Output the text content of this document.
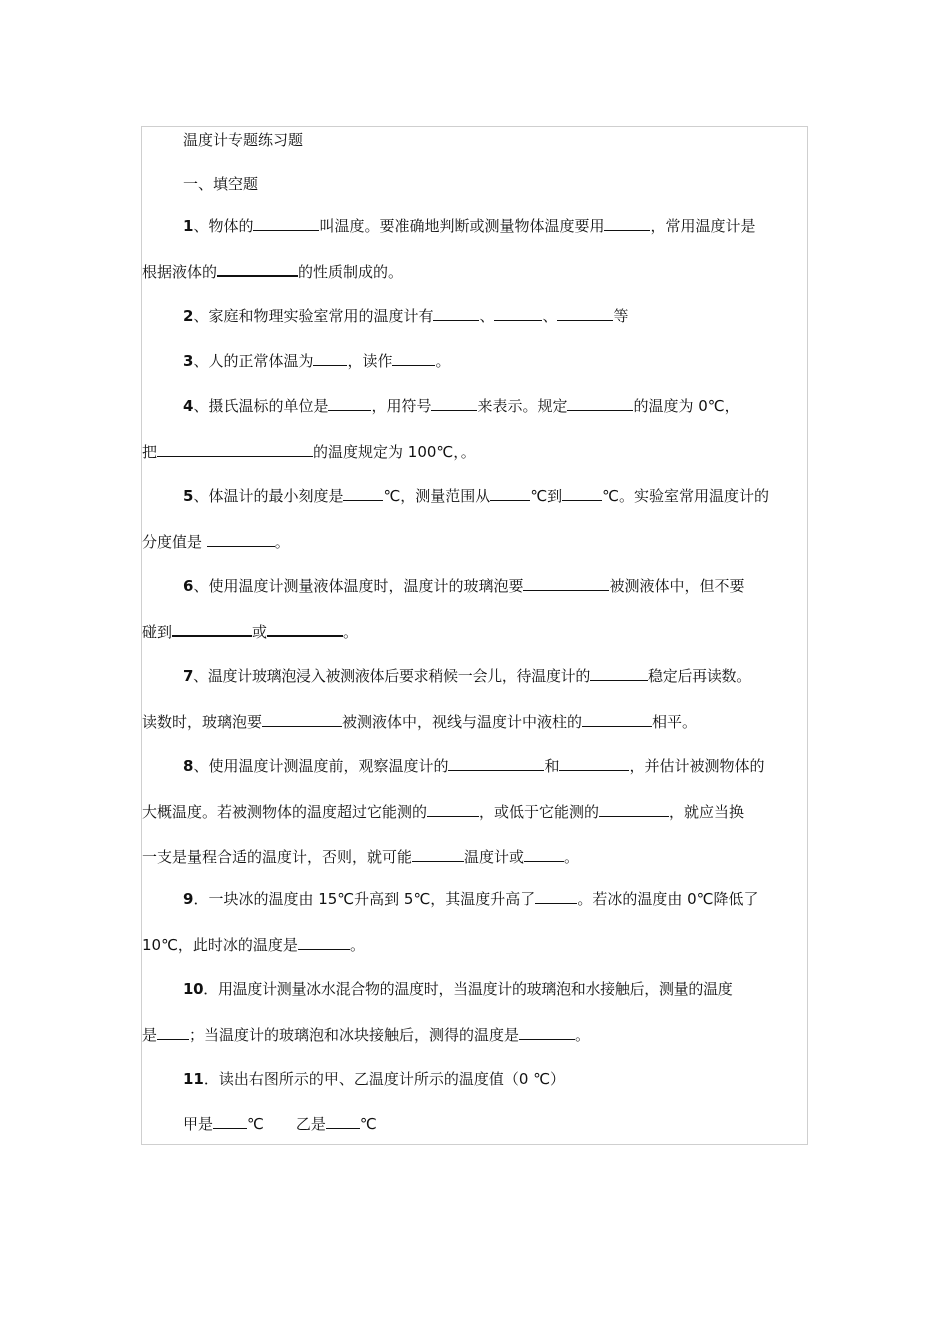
温度计专题练习题
一、填空题
1、物体的	叫温度。要准确地判断或测量物体温度要用	，常用温度计是
根据液体的	的性质制成的。
2、家庭和物理实验室常用的温度计有	、	、	等
3、人的正常体温为 ，读作	。
4、摄氏温标的单位是	，用符号	来表示。规定	的温度为 0℃，
把	的温度规定为 100℃，。
5、体温计的最小刻度是	℃，测量范围从	℃到	℃。实验室常用温度计的
分度值是	。
6、使用温度计测量液体温度时，温度计的玻璃泡要	被测液体中，但不要
碰到	或	。
7、温度计玻璃泡浸入被测液体后要求稍候一会儿，待温度计的	稳定后再读数。
读数时，玻璃泡要	被测液体中，视线与温度计中液柱的	相平。
8、使用温度计测温度前，观察温度计的	和	，并估计被测物体的
大概温度。若被测物体的温度超过它能测的	，或低于它能测的	，就应当换
一支是量程合适的温度计，否则，就可能	温度计或	。
9．一块冰的温度由 15℃升高到 5℃，其温度升高了	。若冰的温度由 0℃降低了
10℃，此时冰的温度是	。
10．用温度计测量冰水混合物的温度时，当温度计的玻璃泡和水接触后，测量的温度
是 ；当温度计的玻璃泡和冰块接触后，测得的温度是	。
11．读出右图所示的甲、乙温度计所示的温度值（0 ℃）
甲是 ℃ 乙是 ℃
